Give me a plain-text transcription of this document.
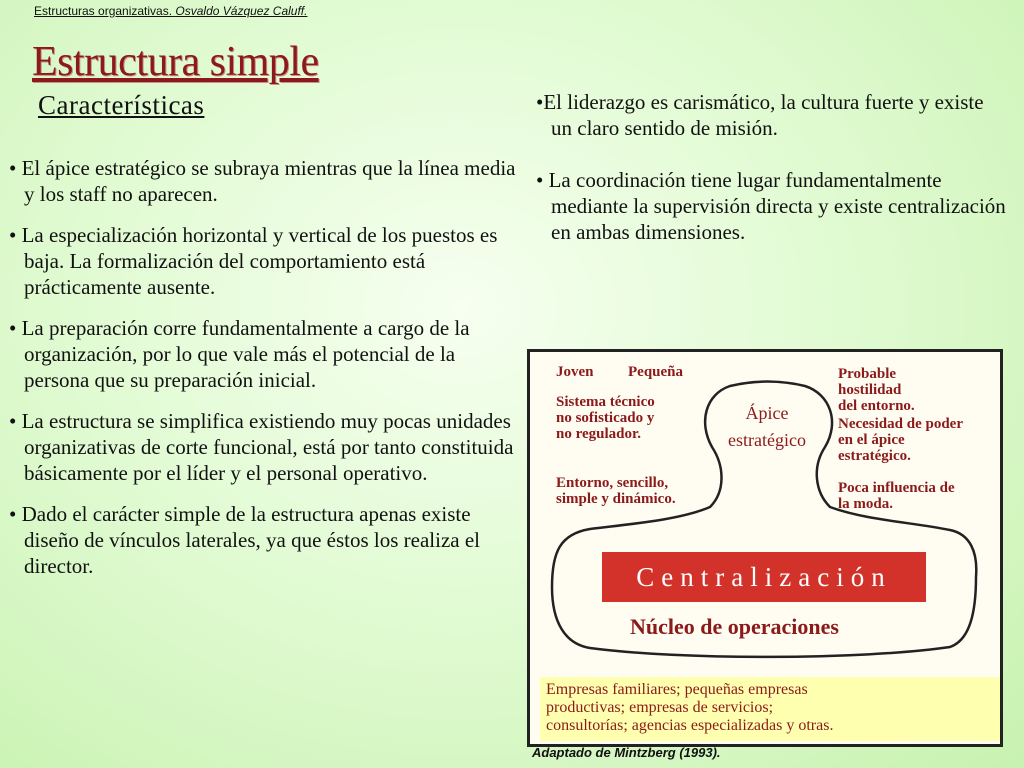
Estructuras organizativas. Osvaldo Vázquez Caluff.
Estructura simple
Características

• El ápice estratégico se subraya mientras que la línea media y los staff no aparecen.

• La especialización horizontal y vertical de los puestos es baja. La formalización del comportamiento está prácticamente ausente.

• La preparación corre fundamentalmente a cargo de la organización, por lo que vale más el potencial de la persona que su preparación inicial.

• La estructura se simplifica existiendo muy pocas unidades organizativas de corte funcional, está por tanto constituida básicamente por el líder y el personal operativo.

• Dado el carácter simple de la estructura apenas existe diseño de vínculos laterales, ya que éstos los realiza el director.

•El liderazgo es carismático, la cultura fuerte y existe un claro sentido de misión.

• La coordinación tiene lugar fundamentalmente mediante la supervisión directa y existe centralización en ambas dimensiones.

Joven Pequeña
Sistema técnico
no sofisticado y
no regulador.
Entorno, sencillo,
simple y dinámico.
Ápice
estratégico
Probable
hostilidad
del entorno.
Necesidad de poder
en el ápice
estratégico.
Poca influencia de
la moda.
Centralización
Núcleo de operaciones
Empresas familiares; pequeñas empresas
productivas; empresas de servicios;
consultorías; agencias especializadas y otras.
Adaptado de Mintzberg (1993).
